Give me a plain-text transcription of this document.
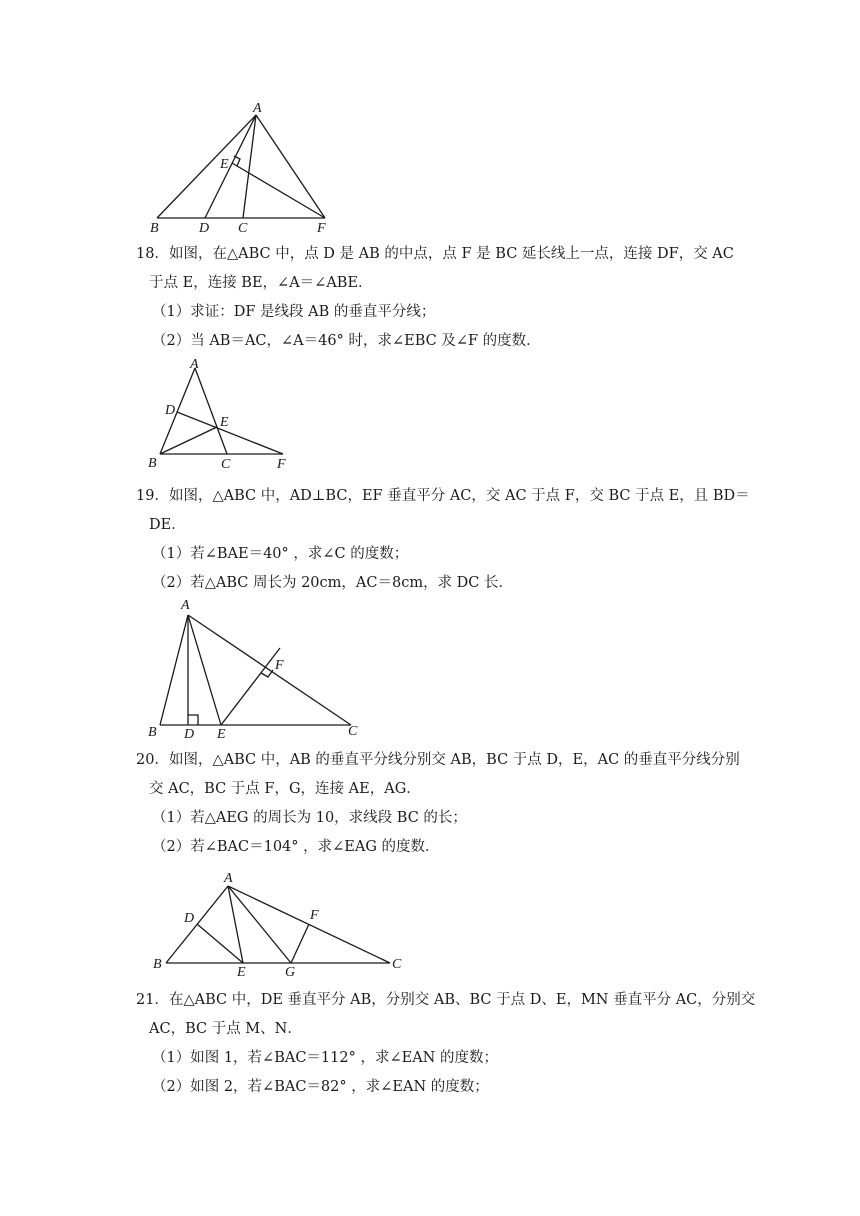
A
B	D C	F
E
18．如图，在△ABC 中，点 D 是 AB 的中点，点 F 是 BC 延长线上一点，连接 DF，交 AC
于点 E，连接 BE，∠A＝∠ABE．
（1）求证：DF 是线段 AB 的垂直平分线；
（2）当 AB＝AC，∠A＝46° 时，求∠EBC 及∠F 的度数．
A
D
E
B	C	F
19．如图，△ABC 中，AD⊥BC，EF 垂直平分 AC，交 AC 于点 F，交 BC 于点 E，且 BD＝
DE．
（1）若∠BAE＝40° ，求∠C 的度数；
（2）若△ABC 周长为 20cm，AC＝8cm，求 DC 长．
A
F
B D E	C
20．如图，△ABC 中，AB 的垂直平分线分别交 AB，BC 于点 D，E，AC 的垂直平分线分别
交 AC，BC 于点 F，G，连接 AE，AG．
（1）若△AEG 的周长为 10，求线段 BC 的长；
（2）若∠BAC＝104° ，求∠EAG 的度数．
A
D	F
B
E	G
C
21．在△ABC 中，DE 垂直平分 AB，分别交 AB、BC 于点 D、E，MN 垂直平分 AC，分别交
AC，BC 于点 M、N．
（1）如图 1，若∠BAC＝112° ，求∠EAN 的度数；
（2）如图 2，若∠BAC＝82° ，求∠EAN 的度数；
